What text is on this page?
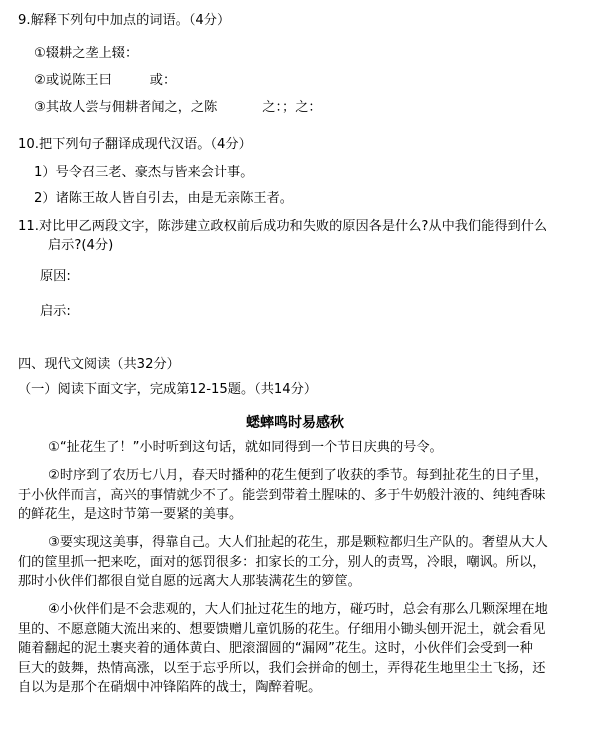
9.解释下列句中加点的词语。（4分）
①辍耕之垄上辍：
②或说陈王曰	或：
③其故人尝与佣耕者闻之，之陈	之：；之：
10.把下列句子翻译成现代汉语。（4分）
1）号令召三老、豪杰与皆来会计事。
2）诸陈王故人皆自引去，由是无亲陈王者。
11.对比甲乙两段文字，陈涉建立政权前后成功和失败的原因各是什么?从中我们能得到什么
启示?(4分)
原因:
启示:
四、现代文阅读（共32分）
（一）阅读下面文字，完成第12-15题。（共14分）
蟋蟀鸣时易感秋
①“扯花生了！”小时听到这句话，就如同得到一个节日庆典的号令。
②时序到了农历七八月，春天时播种的花生便到了收获的季节。每到扯花生的日子里，
于小伙伴而言，高兴的事情就少不了。能尝到带着土腥味的、多于牛奶般汁液的、纯纯香味
的鲜花生，是这时节第一要紧的美事。
③要实现这美事，得靠自己。大人们扯起的花生，那是颗粒都归生产队的。奢望从大人
们的筐里抓一把来吃，面对的惩罚很多：扣家长的工分，别人的责骂，冷眼，嘲讽。所以，
那时小伙伴们都很自觉自愿的远离大人那装满花生的箩筐。
④小伙伴们是不会悲观的，大人们扯过花生的地方，碰巧时，总会有那么几颗深埋在地
里的、不愿意随大流出来的、想要馈赠儿童饥肠的花生。仔细用小锄头刨开泥土，就会看见
随着翻起的泥土裹夹着的通体黄白、肥滚溜圆的“漏网”花生。这时，小伙伴们会受到一种
巨大的鼓舞，热情高涨，以至于忘乎所以，我们会拼命的刨土，弄得花生地里尘土飞扬，还
自以为是那个在硝烟中冲锋陷阵的战士，陶醉着呢。
